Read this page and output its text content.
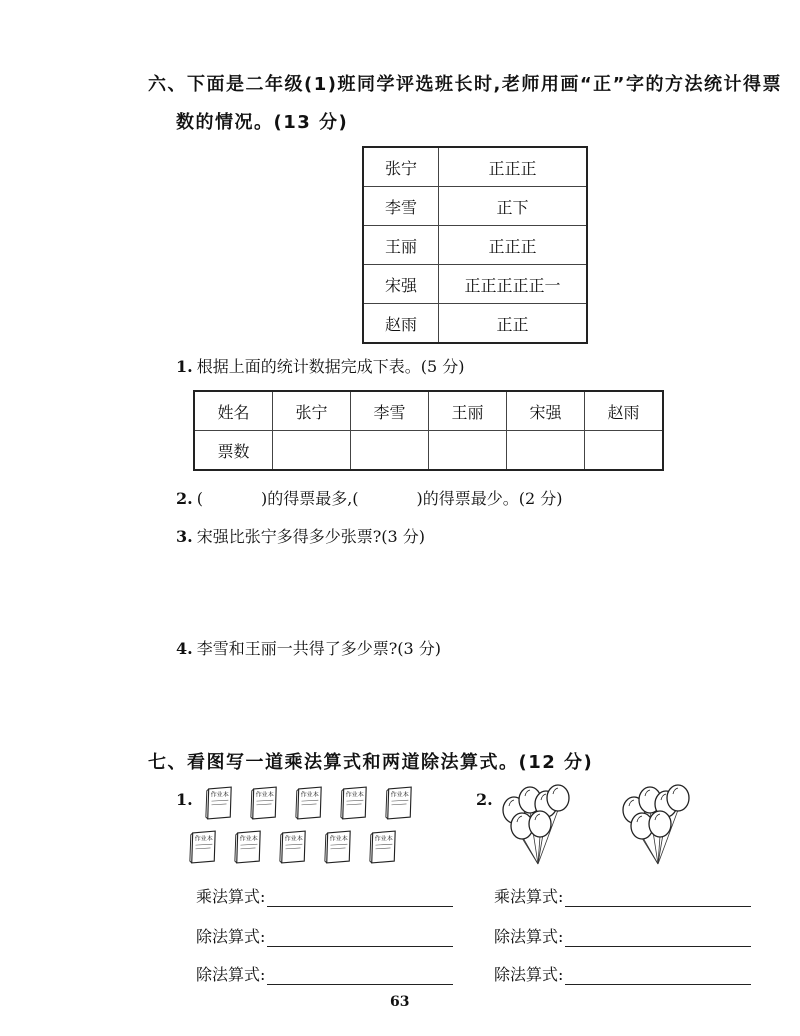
六、下面是二年级(1)班同学评选班长时,老师用画“正”字的方法统计得票
数的情况。(13 分)
张宁	正正正
李雪	正下
王丽	正正正
宋强	正正正正正一
赵雨	正正
1. 根据上面的统计数据完成下表。(5 分)
姓名	张宁	李雪	王丽	宋强	赵雨
票数					
2. (	)的得票最多,(	)的得票最少。(2 分)
3. 宋强比张宁多得多少张票?(3 分)
4. 李雪和王丽一共得了多少票?(3 分)
七、看图写一道乘法算式和两道除法算式。(12 分)
1.	作业本	作业本	作业本	作业本	作业本
作业本	作业本	作业本	作业本	作业本
2.
乘法算式:
除法算式:
除法算式:
乘法算式:
除法算式:
除法算式:
63
